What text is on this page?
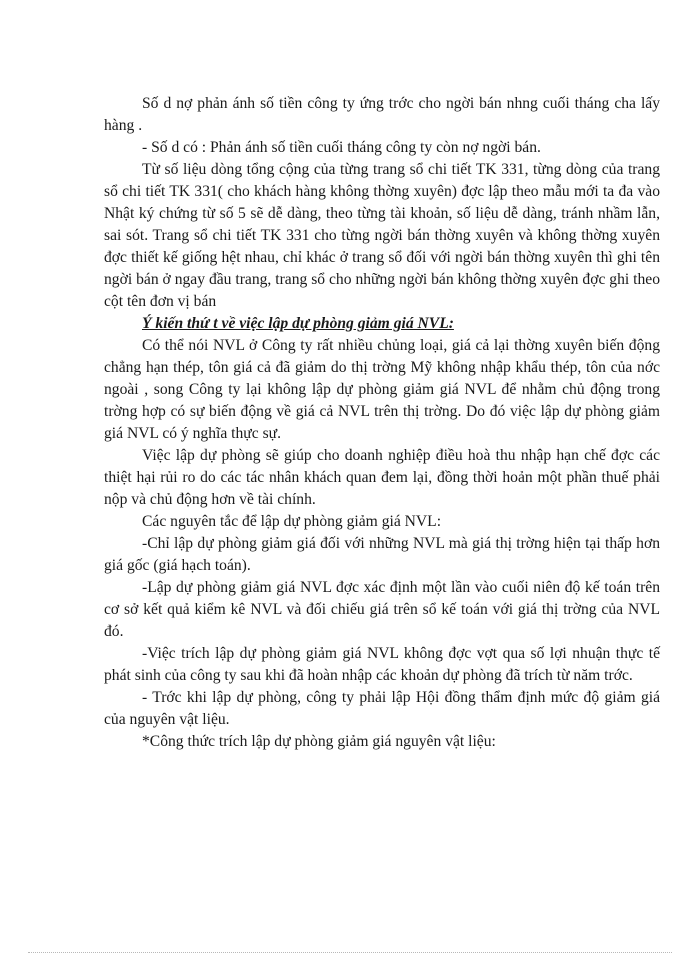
Số d nợ phản ánh số tiền công ty ứng trớc cho ngời bán nhng cuối tháng cha lấy hàng .

- Số d có : Phản ánh số tiền cuối tháng công ty còn nợ ngời bán.

Từ số liệu dòng tổng cộng của từng trang sổ chi tiết TK 331, từng dòng của trang sổ chi tiết TK 331( cho khách hàng không thờng xuyên) đợc lập theo mẫu mới ta đa vào Nhật ký chứng từ số 5 sẽ dễ dàng, theo từng tài khoản, số liệu dễ dàng, tránh nhầm lẫn, sai sót. Trang sổ chi tiết TK 331 cho từng ngời bán thờng xuyên và không thờng xuyên đợc thiết kế giống hệt nhau, chỉ khác ở trang sổ đối với ngời bán thờng xuyên thì ghi tên ngời bán ở ngay đầu trang, trang sổ cho những ngời bán không thờng xuyên đợc ghi theo cột tên đơn vị bán

Ý kiến thứ t về việc lập dự phòng giảm giá NVL:

Có thể nói NVL ở Công ty rất nhiều chủng loại, giá cả lại thờng xuyên biến động chẳng hạn thép, tôn giá cả đã giảm do thị trờng Mỹ không nhập khẩu thép, tôn của nớc ngoài , song Công ty lại không lập dự phòng giảm giá NVL để nhằm chủ động trong trờng hợp có sự biến động về giá cả NVL trên thị trờng. Do đó việc lập dự phòng giảm giá NVL có ý nghĩa thực sự.

Việc lập dự phòng sẽ giúp cho doanh nghiệp điều hoà thu nhập hạn chế đợc các thiệt hại rủi ro do các tác nhân khách quan đem lại, đồng thời hoản một phần thuế phải nộp và chủ động hơn về tài chính.

Các nguyên tắc để lập dự phòng giảm giá NVL:

-Chỉ lập dự phòng giảm giá đối với những NVL mà giá thị trờng hiện tại thấp hơn giá gốc (giá hạch toán).

-Lập dự phòng giảm giá NVL đợc xác định một lần vào cuối niên độ kế toán trên cơ sở kết quả kiểm kê NVL và đối chiếu giá trên sổ kế toán với giá thị trờng của NVL đó.

-Việc trích lập dự phòng giảm giá NVL không đợc vợt qua số lợi nhuận thực tế phát sinh của công ty sau khi đã hoàn nhập các khoản dự phòng đã trích từ năm trớc.

- Trớc khi lập dự phòng, công ty phải lập Hội đồng thẩm định mức độ giảm giá của nguyên vật liệu.

*Công thức trích lập dự phòng giảm giá nguyên vật liệu:
